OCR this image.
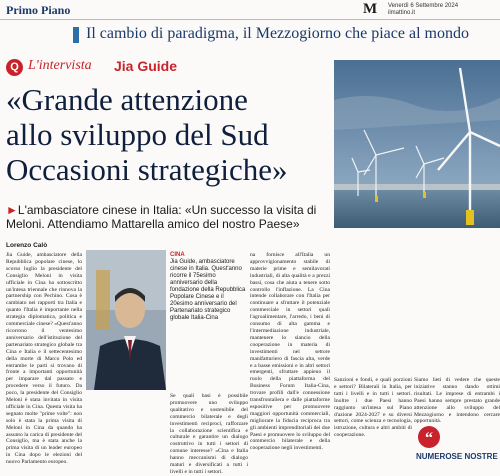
Primo Piano	M Venerdì 6 Settembre 2024
ilmattino.it
Il cambio di paradigma, il Mezzogiorno che piace al mondo
Q L'intervista Jia Guide
«Grande attenzione
allo sviluppo del Sud
Occasioni strategiche»
►L'ambasciatore cinese in Italia: «Un successo la visita di Meloni. Attendiamo Mattarella amico del nostro Paese»
Lorenzo Calò
Jia Guide, ambasciatore della Repubblica popolare cinese, lo scorso luglio la presidente del Consiglio Meloni in visita ufficiale in Cina ha sottoscritto un'intesa triennale che rinnova la partnership con Pechino. Cosa è cambiato nei rapporti tra Italia e quanto l'Italia è importante nella strategia diplomatica, politica e commerciale cinese? «Quest'anno ricorrono il ventesimo anniversario dell'istituzione del partenariato strategico globale tra Cina e Italia e il settecentesimo della morte di Marco Polo ed entrambe le parti si trovano di fronte a importanti opportunità per imparare dal passato e procedere verso il futuro. Da poco, la presidente del Consiglio Meloni è stata invitata in visita ufficiale in Cina. Questa visita ha segnato molte "prime volte": non solo è stata la prima visita di Meloni in Cina da quando ha assunto la carica di presidente del Consiglio, ma è stata anche la prima visita di un leader europeo in Cina dopo le elezioni del nuovo Parlamento europeo.
CINA
Jia Guide, ambasciatore cinese in Italia. Quest'anno ricorre il 75esimo anniversario della fondazione della Repubblica Popolare Cinese e il 20esimo anniversario del Partenariato strategico globale Italia-Cina
Se quali basi è possibile promuovere uno sviluppo qualitativo e sostenibile del commercio bilaterale e degli investimenti reciproci, rafforzare la collaborazione scientifica e culturale e garantire un dialogo costruttivo in tutti i settori di comune interesse? «Cina e Italia hanno meccanismi di dialogo maturi e diversificati a tutti i livelli e in tutti i settori.
na fornisce all'Italia un approvvigionamento stabile di materie prime e semilavorati industriali, di alta qualità e a prezzi bassi, cosa che aiuta a tenere sotto controllo l'inflazione. La Cina intende collaborare con l'Italia per continuare a sfruttare il potenziale commerciale in settori quali l'agroalimentare, l'arredo, i beni di consumo di alta gamma e l'intermediazione industriale, mantenere lo slancio della cooperazione in materia di investimenti nel settore manifatturiero di fascia alta, verde e a basse emissioni e in altri settori emergenti, sfruttare appieno il ruolo della piattaforma del Business Forum Italia-Cina, trovare profili dall'e connessione transfrontaliera e dalle piattaforme espositive per promuovere maggiori opportunità commerciali, migliorare la fiducia reciproca tra gli ambienti imprenditoriali dei due Paesi e promuovere lo sviluppo del commercio bilaterale e della cooperazione negli investimenti.
Sanzioni e fondi, e quali porzioni e settori? Bilaterali in Italia, per tutti i livelli e in tutti i settori. Inoltre i due Paesi hanno raggiunto un'intesa sul Piano d'azione 2024-2027 e su diversi settori, come scienza e tecnologia, istruzione, cultura e altri ambiti di cooperazione.
Siamo lieti di vedere che queste iniziative stanno dando ottimi risultati. Le imprese di entrambi i Paesi hanno sempre prestato grande attenzione allo sviluppo del Mezzogiorno e intendono cercare opportunità.
“
NUMEROSE NOSTRE
